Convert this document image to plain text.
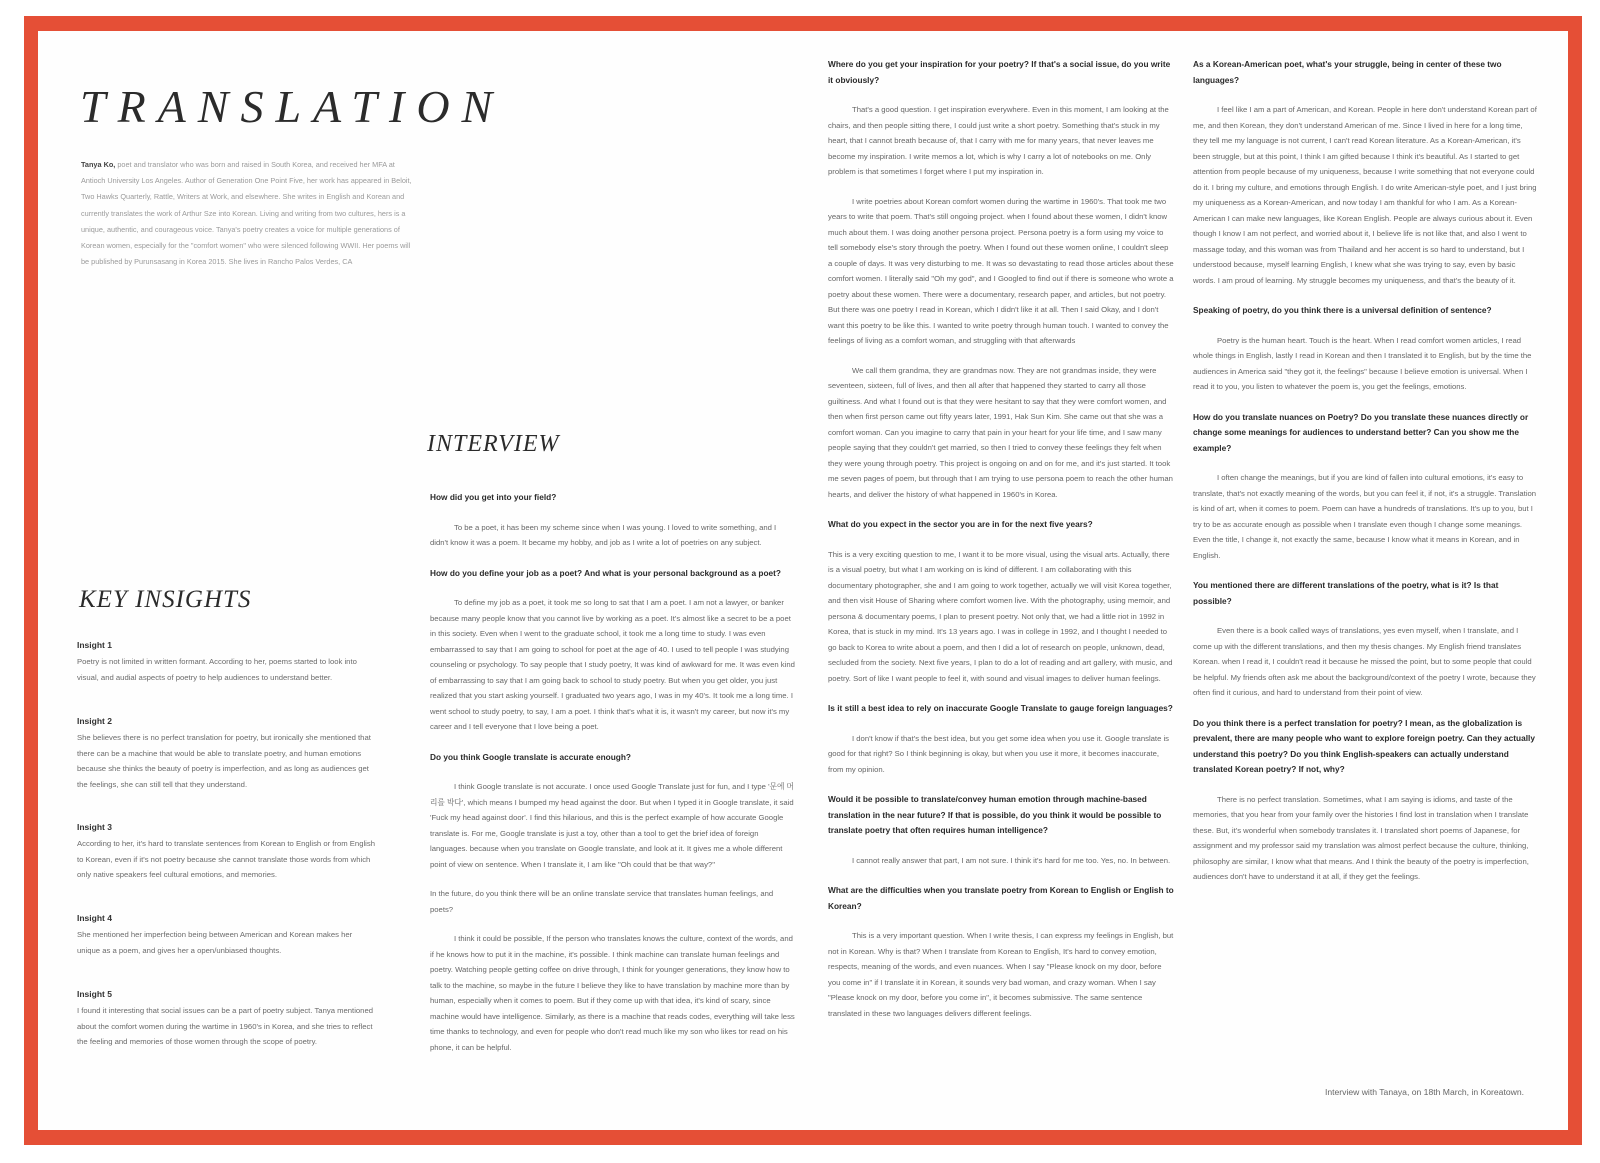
TRANSLATION

Tanya Ko, poet and translator who was born and raised in South Korea, and received her MFA at Antioch University Los Angeles. Author of Generation One Point Five, her work has appeared in Beloit, Two Hawks Quarterly, Rattle, Writers at Work, and elsewhere. She writes in English and Korean and currently translates the work of Arthur Sze into Korean. Living and writing from two cultures, hers is a unique, authentic, and courageous voice. Tanya's poetry creates a voice for multiple generations of Korean women, especially for the "comfort women" who were silenced following WWII. Her poems will be published by Purunsasang in Korea 2015. She lives in Rancho Palos Verdes, CA

KEY INSIGHTS
Insight 1

Poetry is not limited in written formant. According to her, poems started to look into visual, and audial aspects of poetry to help audiences to understand better.

Insight 2

She believes there is no perfect translation for poetry, but ironically she mentioned that there can be a machine that would be able to translate poetry, and human emotions because she thinks the beauty of poetry is imperfection, and as long as audiences get the feelings, she can still tell that they understand.

Insight 3

According to her, it's hard to translate sentences from Korean to English or from English to Korean, even if it's not poetry because she cannot translate those words from which only native speakers feel cultural emotions, and memories.

Insight 4

She mentioned her imperfection being between American and Korean makes her unique as a poem, and gives her a open/unbiased thoughts.

Insight 5

I found it interesting that social issues can be a part of poetry subject. Tanya mentioned about the comfort women during the wartime in 1960's in Korea, and she tries to reflect the feeling and memories of those women through the scope of poetry.

INTERVIEW

How did you get into your field?

To be a poet, it has been my scheme since when I was young. I loved to write something, and I didn't know it was a poem. It became my hobby, and job as I write a lot of poetries on any subject.

How do you define your job as a poet? And what is your personal background as a poet?

To define my job as a poet, it took me so long to sat that I am a poet. I am not a lawyer, or banker because many people know that you cannot live by working as a poet. It's almost like a secret to be a poet in this society. Even when I went to the graduate school, it took me a long time to study. I was even embarrassed to say that I am going to school for poet at the age of 40. I used to tell people I was studying counseling or psychology. To say people that I study poetry, It was kind of awkward for me. It was even kind of embarrassing to say that I am going back to school to study poetry. But when you get older, you just realized that you start asking yourself. I graduated two years ago, I was in my 40's. It took me a long time. I went school to study poetry, to say, I am a poet. I think that's what it is, it wasn't my career, but now it's my career and I tell everyone that I love being a poet.

Do you think Google translate is accurate enough?

I think Google translate is not accurate. I once used Google Translate just for fun, and I type '문에 머리를 박다', which means I bumped my head against the door. But when I typed it in Google translate, it said 'Fuck my head against door'. I find this hilarious, and this is the perfect example of how accurate Google translate is. For me, Google translate is just a toy, other than a tool to get the brief idea of foreign languages. because when you translate on Google translate, and look at it. It gives me a whole different point of view on sentence. When I translate it, I am like "Oh could that be that way?"

In the future, do you think there will be an online translate service that translates human feelings, and poets?

I think it could be possible, If the person who translates knows the culture, context of the words, and if he knows how to put it in the machine, it's possible. I think machine can translate human feelings and poetry. Watching people getting coffee on drive through, I think for younger generations, they know how to talk to the machine, so maybe in the future I believe they like to have translation by machine more than by human, especially when it comes to poem. But if they come up with that idea, it's kind of scary, since machine would have intelligence. Similarly, as there is a machine that reads codes, everything will take less time thanks to technology, and even for people who don't read much like my son who likes tor read on his phone, it can be helpful.

Where do you get your inspiration for your poetry? If that's a social issue, do you write it obviously?

That's a good question. I get inspiration everywhere. Even in this moment, I am looking at the chairs, and then people sitting there, I could just write a short poetry. Something that's stuck in my heart, that I cannot breath because of, that I carry with me for many years, that never leaves me become my inspiration. I write memos a lot, which is why I carry a lot of notebooks on me. Only problem is that sometimes I forget where I put my inspiration in.

I write poetries about Korean comfort women during the wartime in 1960's. That took me two years to write that poem. That's still ongoing project. when I found about these women, I didn't know much about them. I was doing another persona project. Persona poetry is a form using my voice to tell somebody else's story through the poetry. When I found out these women online, I couldn't sleep a couple of days. It was very disturbing to me. It was so devastating to read those articles about these comfort women. I literally said "Oh my god", and I Googled to find out if there is someone who wrote a poetry about these women. There were a documentary, research paper, and articles, but not poetry. But there was one poetry I read in Korean, which I didn't like it at all. Then I said Okay, and I don't want this poetry to be like this. I wanted to write poetry through human touch. I wanted to convey the feelings of living as a comfort woman, and struggling with that afterwards

We call them grandma, they are grandmas now. They are not grandmas inside, they were seventeen, sixteen, full of lives, and then all after that happened they started to carry all those guiltiness. And what I found out is that they were hesitant to say that they were comfort women, and then when first person came out fifty years later, 1991, Hak Sun Kim. She came out that she was a comfort woman. Can you imagine to carry that pain in your heart for your life time, and I saw many people saying that they couldn't get married, so then I tried to convey these feelings they felt when they were young through poetry. This project is ongoing on and on for me, and it's just started. It took me seven pages of poem, but through that I am trying to use persona poem to reach the other human hearts, and deliver the history of what happened in 1960's in Korea.

What do you expect in the sector you are in for the next five years?

This is a very exciting question to me, I want it to be more visual, using the visual arts. Actually, there is a visual poetry, but what I am working on is kind of different. I am collaborating with this documentary photographer, she and I am going to work together, actually we will visit Korea together, and then visit House of Sharing where comfort women live. With the photography, using memoir, and persona & documentary poems, I plan to present poetry. Not only that, we had a little riot in 1992 in Korea, that is stuck in my mind. It's 13 years ago. I was in college in 1992, and I thought I needed to go back to Korea to write about a poem, and then I did a lot of research on people, unknown, dead, secluded from the society. Next five years, I plan to do a lot of reading and art gallery, with music, and poetry. Sort of like I want people to feel it, with sound and visual images to deliver human feelings.

Is it still a best idea to rely on inaccurate Google Translate to gauge foreign languages?

I don't know if that's the best idea, but you get some idea when you use it. Google translate is good for that right? So I think beginning is okay, but when you use it more, it becomes inaccurate, from my opinion.

Would it be possible to translate/convey human emotion through machine-based translation in the near future? If that is possible, do you think it would be possible to translate poetry that often requires human intelligence?

I cannot really answer that part, I am not sure. I think it's hard for me too. Yes, no. In between.

What are the difficulties when you translate poetry from Korean to English or English to Korean?

This is a very important question. When I write thesis, I can express my feelings in English, but not in Korean. Why is that? When I translate from Korean to English, It's hard to convey emotion, respects, meaning of the words, and even nuances. When I say "Please knock on my door, before you come in" if I translate it in Korean, it sounds very bad woman, and crazy woman. When I say "Please knock on my door, before you come in", it becomes submissive. The same sentence translated in these two languages delivers different feelings.

As a Korean-American poet, what's your struggle, being in center of these two languages?

I feel like I am a part of American, and Korean. People in here don't understand Korean part of me, and then Korean, they don't understand American of me. Since I lived in here for a long time, they tell me my language is not current, I can't read Korean literature. As a Korean-American, it's been struggle, but at this point, I think I am gifted because I think it's beautiful. As I started to get attention from people because of my uniqueness, because I write something that not everyone could do it. I bring my culture, and emotions through English. I do write American-style poet, and I just bring my uniqueness as a Korean-American, and now today I am thankful for who I am. As a Korean-American I can make new languages, like Korean English. People are always curious about it. Even though I know I am not perfect, and worried about it, I believe life is not like that, and also I went to massage today, and this woman was from Thailand and her accent is so hard to understand, but I understood because, myself learning English, I knew what she was trying to say, even by basic words. I am proud of learning. My struggle becomes my uniqueness, and that's the beauty of it.

Speaking of poetry, do you think there is a universal definition of sentence?

Poetry is the human heart. Touch is the heart. When I read comfort women articles, I read whole things in English, lastly I read in Korean and then I translated it to English, but by the time the audiences in America said "they got it, the feelings" because I believe emotion is universal. When I read it to you, you listen to whatever the poem is, you get the feelings, emotions.

How do you translate nuances on Poetry? Do you translate these nuances directly or change some meanings for audiences to understand better? Can you show me the example?

I often change the meanings, but if you are kind of fallen into cultural emotions, it's easy to translate, that's not exactly meaning of the words, but you can feel it, if not, it's a struggle. Translation is kind of art, when it comes to poem. Poem can have a hundreds of translations. It's up to you, but I try to be as accurate enough as possible when I translate even though I change some meanings. Even the title, I change it, not exactly the same, because I know what it means in Korean, and in English.

You mentioned there are different translations of the poetry, what is it? Is that possible?

Even there is a book called ways of translations, yes even myself, when I translate, and I come up with the different translations, and then my thesis changes. My English friend translates Korean. when I read it, I couldn't read it because he missed the point, but to some people that could be helpful. My friends often ask me about the background/context of the poetry I wrote, because they often find it curious, and hard to understand from their point of view.

Do you think there is a perfect translation for poetry? I mean, as the globalization is prevalent, there are many people who want to explore foreign poetry. Can they actually understand this poetry? Do you think English-speakers can actually understand translated Korean poetry? If not, why?

There is no perfect translation. Sometimes, what I am saying is idioms, and taste of the memories, that you hear from your family over the histories I find lost in translation when I translate these. But, it's wonderful when somebody translates it. I translated short poems of Japanese, for assignment and my professor said my translation was almost perfect because the culture, thinking, philosophy are similar, I know what that means. And I think the beauty of the poetry is imperfection, audiences don't have to understand it at all, if they get the feelings.

Interview with Tanaya, on 18th March, in Koreatown.
